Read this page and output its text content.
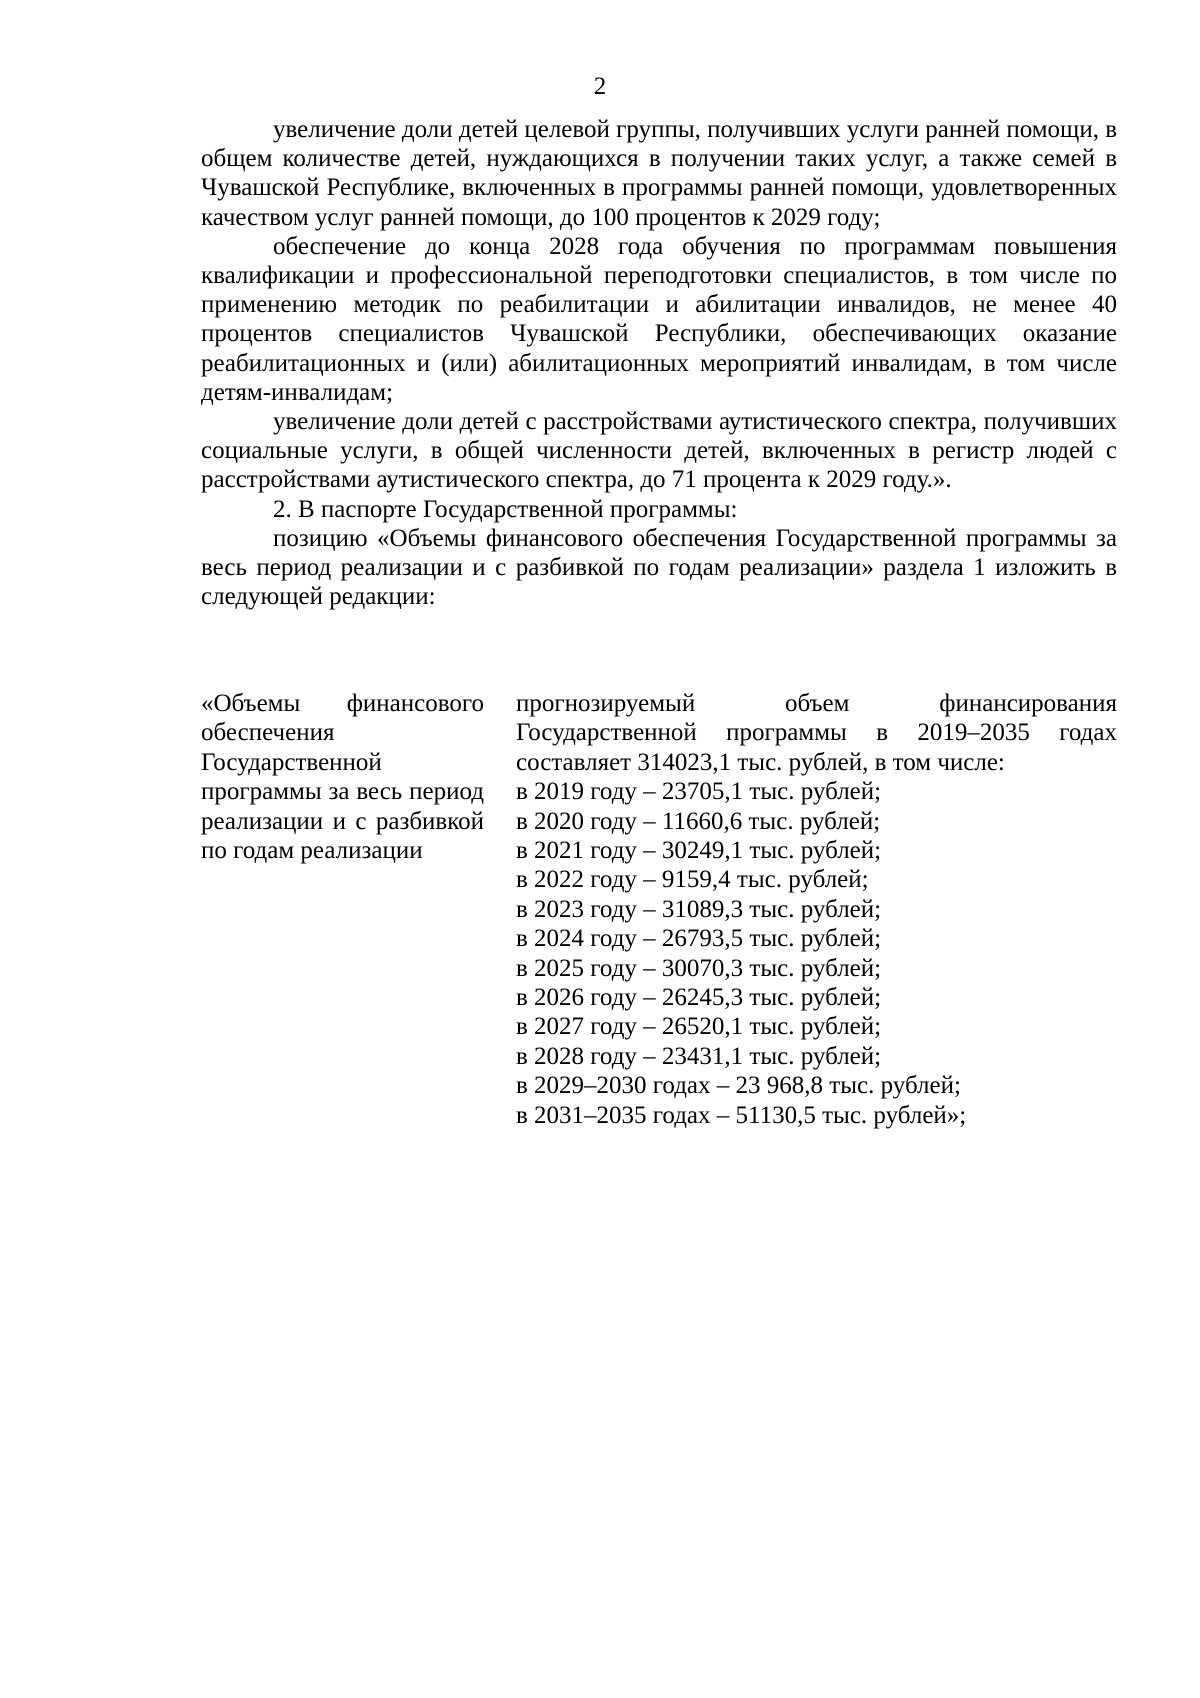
2

увеличение доли детей целевой группы, получивших услуги ранней помощи, в общем количестве детей, нуждающихся в получении таких услуг, а также семей в Чувашской Республике, включенных в программы ранней помощи, удовлетворенных качеством услуг ранней помощи, до 100 процентов к 2029 году;

обеспечение до конца 2028 года обучения по программам повышения квалификации и профессиональной переподготовки специалистов, в том числе по применению методик по реабилитации и абилитации инвалидов, не менее 40 процентов специалистов Чувашской Республики, обеспечивающих оказание реабилитационных и (или) абилитационных мероприятий инвалидам, в том числе детям-инвалидам;

увеличение доли детей с расстройствами аутистического спектра, получивших социальные услуги, в общей численности детей, включенных в регистр людей с расстройствами аутистического спектра, до 71 процента к 2029 году.».

2. В паспорте Государственной программы:

позицию «Объемы финансового обеспечения Государственной программы за весь период реализации и с разбивкой по годам реализации» раздела 1 изложить в следующей редакции:

«Объемы финансового обеспечения Государственной программы за весь период реализации и с разбивкой по годам реализации
прогнозируемый объем финансирования Государственной программы в 2019–2035 годах составляет 314023,1 тыс. рублей, в том числе:
в 2019 году – 23705,1 тыс. рублей;
в 2020 году – 11660,6 тыс. рублей;
в 2021 году – 30249,1 тыс. рублей;
в 2022 году – 9159,4 тыс. рублей;
в 2023 году – 31089,3 тыс. рублей;
в 2024 году – 26793,5 тыс. рублей;
в 2025 году – 30070,3 тыс. рублей;
в 2026 году – 26245,3 тыс. рублей;
в 2027 году – 26520,1 тыс. рублей;
в 2028 году – 23431,1 тыс. рублей;
в 2029–2030 годах – 23 968,8 тыс. рублей;
в 2031–2035 годах – 51130,5 тыс. рублей»;
